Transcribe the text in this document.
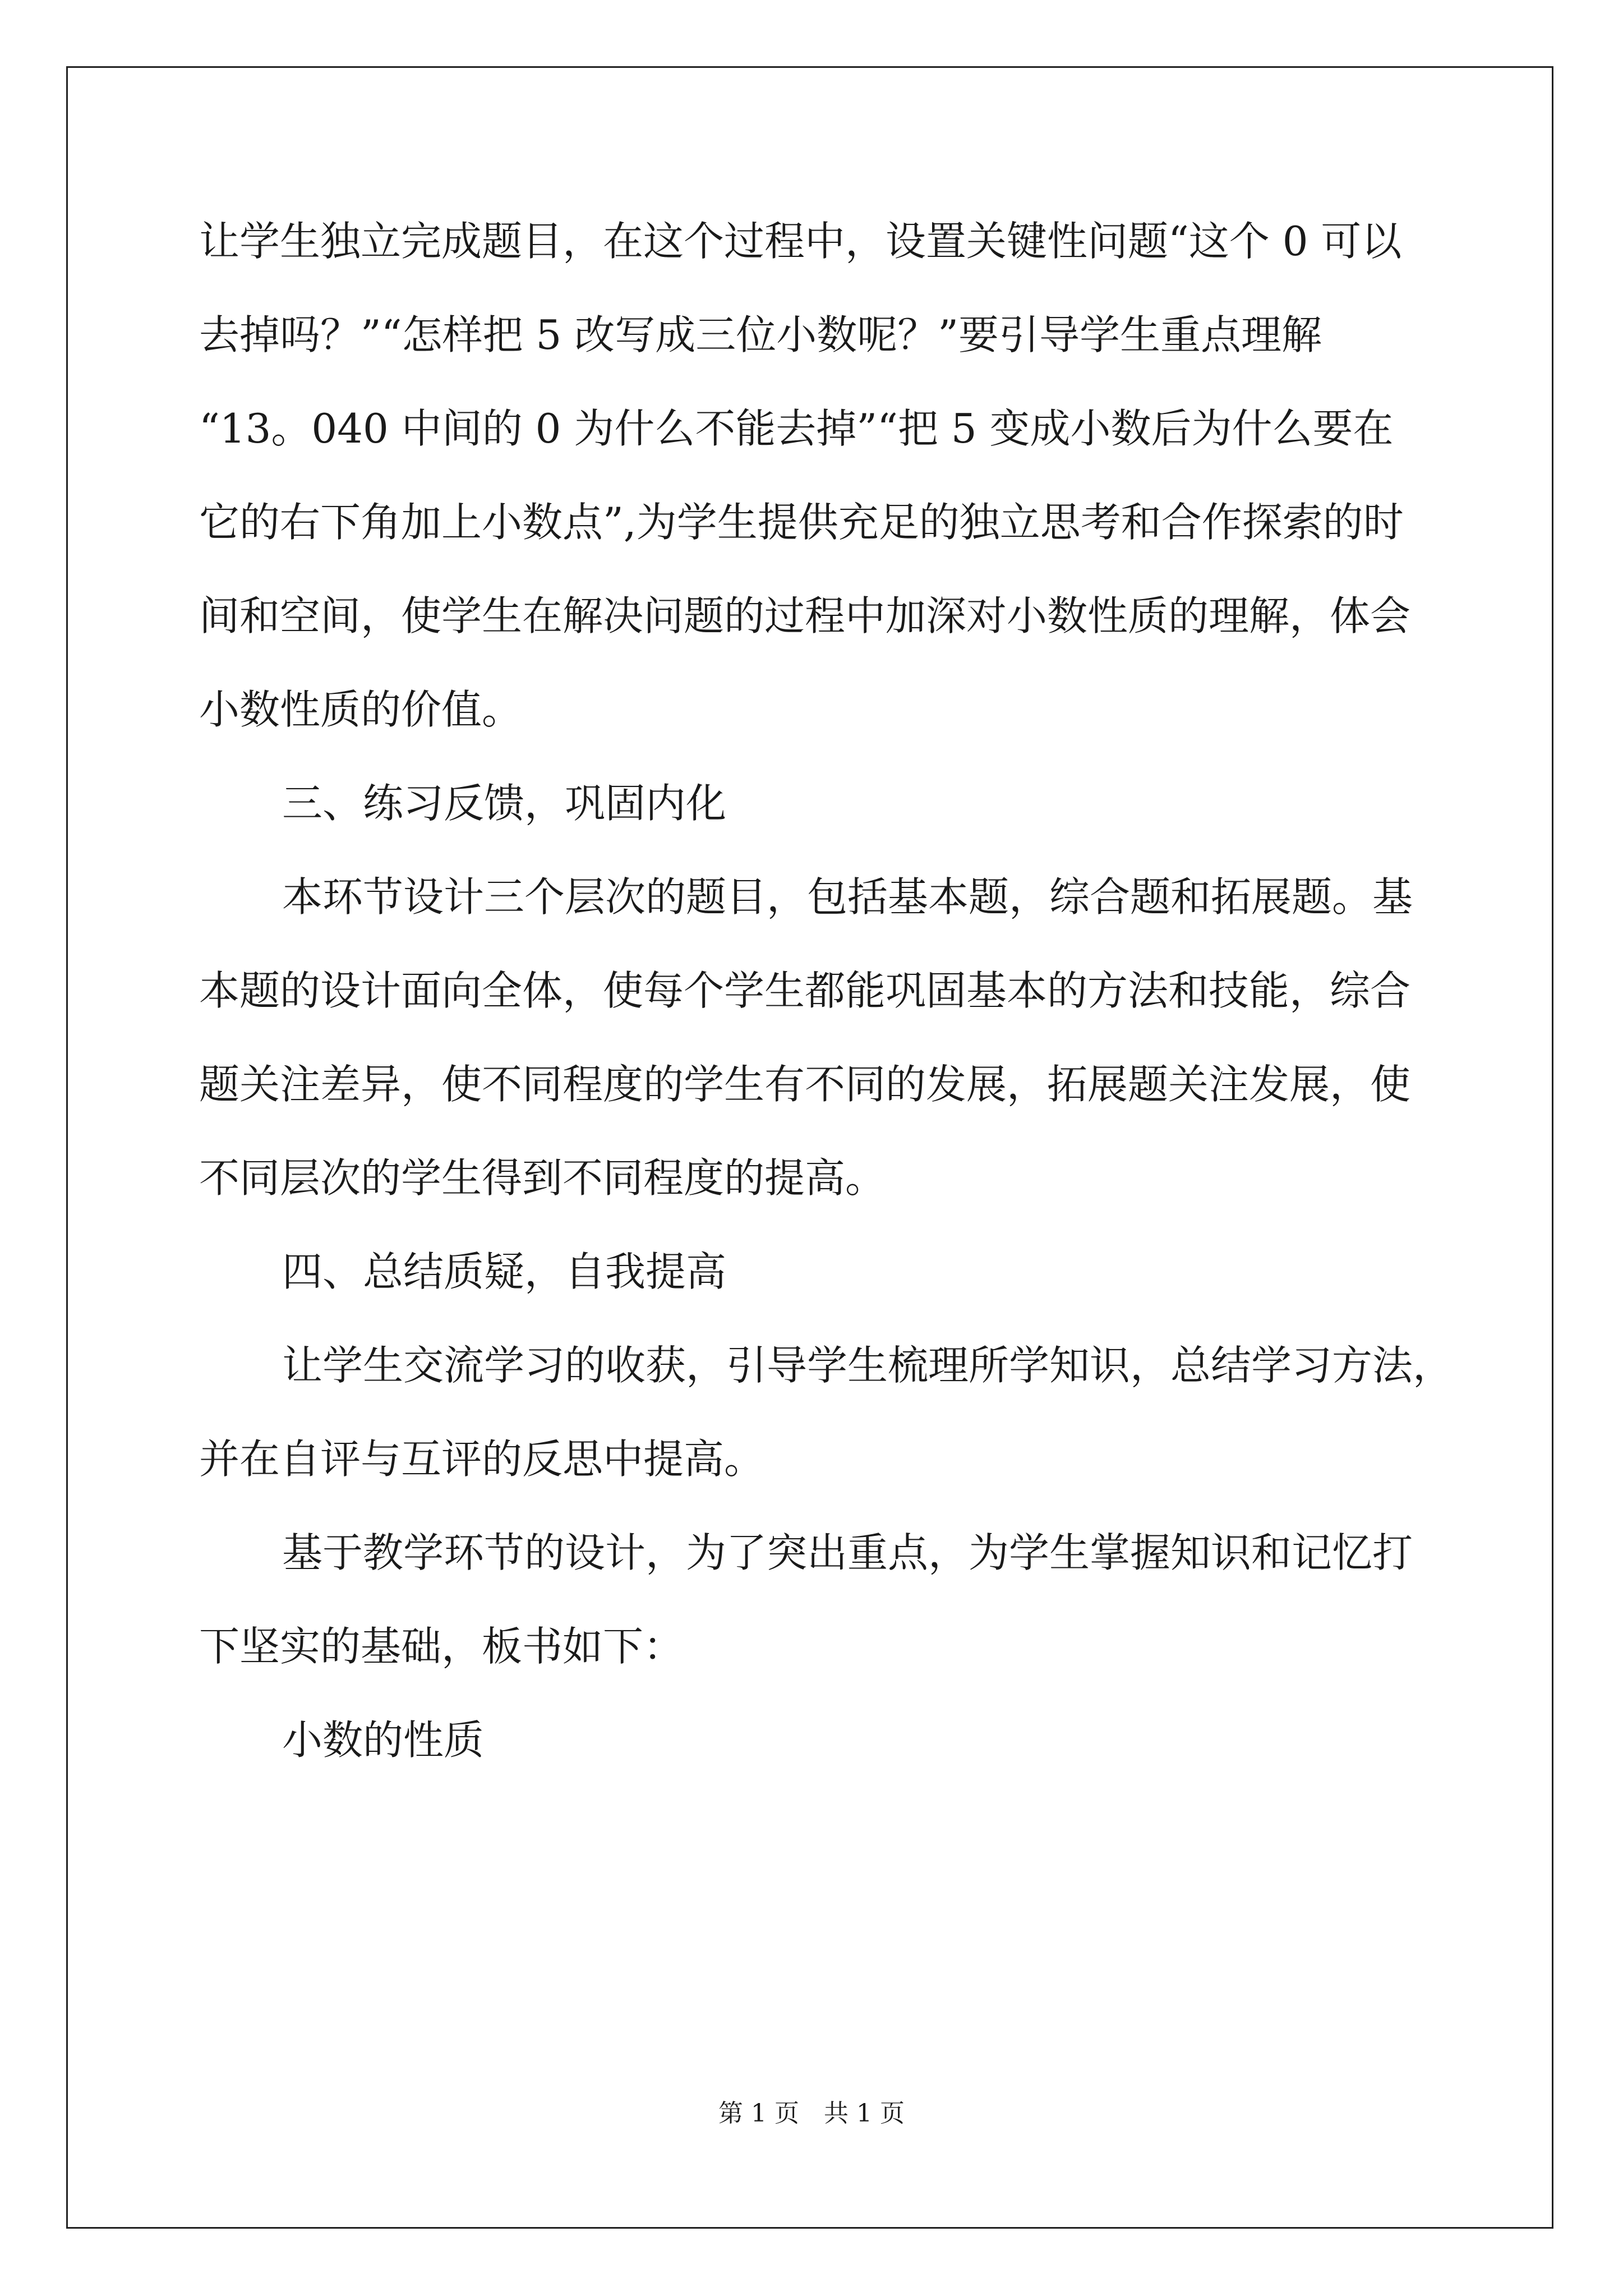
让学生独立完成题目，在这个过程中，设置关键性问题“这个 0 可以
去掉吗？”“怎样把 5 改写成三位小数呢？”要引导学生重点理解
“13。040 中间的 0 为什么不能去掉”“把 5 变成小数后为什么要在
它的右下角加上小数点”,为学生提供充足的独立思考和合作探索的时
间和空间，使学生在解决问题的过程中加深对小数性质的理解，体会
小数性质的价值。
三、练习反馈，巩固内化
本环节设计三个层次的题目，包括基本题，综合题和拓展题。基
本题的设计面向全体，使每个学生都能巩固基本的方法和技能，综合
题关注差异，使不同程度的学生有不同的发展，拓展题关注发展，使
不同层次的学生得到不同程度的提高。
四、总结质疑，自我提高
让学生交流学习的收获，引导学生梳理所学知识，总结学习方法，
并在自评与互评的反思中提高。
基于教学环节的设计，为了突出重点，为学生掌握知识和记忆打
下坚实的基础，板书如下：
小数的性质
第 1 页　共 1 页
